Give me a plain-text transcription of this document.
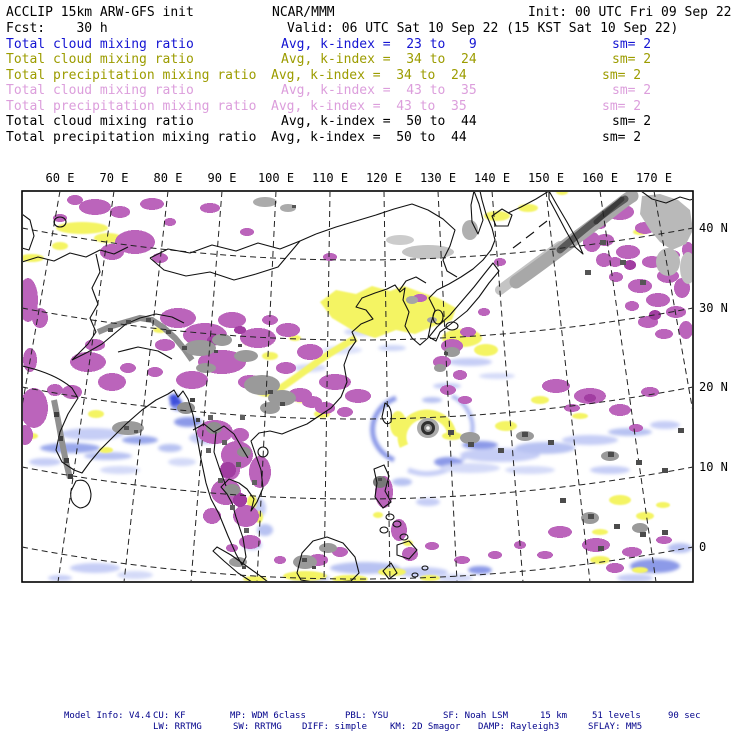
ACCLIP 15km ARW-GFS init	NCAR/MMM	Init: 00 UTC Fri 09 Sep 22
Fcst:    30 h	Valid: 06 UTC Sat 10 Sep 22 (15 KST Sat 10 Sep 22)
Total cloud mixing ratio	Avg, k-index =  23 to   9	sm= 2
Total cloud mixing ratio	Avg, k-index =  34 to  24	sm= 2
Total precipitation mixing ratio Avg, k-index =  34 to  24	sm= 2
Total cloud mixing ratio	Avg, k-index =  43 to  35	sm= 2
Total precipitation mixing ratio Avg, k-index =  43 to  35	sm= 2
Total cloud mixing ratio	Avg, k-index =  50 to  44	sm= 2
Total precipitation mixing ratio Avg, k-index =  50 to  44	sm= 2
60 E	70 E	80 E	90 E	100 E	110 E	120 E	130 E	140 E	150 E	160 E	170 E
40 N
30 N
20 N
10 N
0
Model Info: V4.4 CU: KF	MP: WDM 6class	PBL: YSU	SF: Noah LSM	15 km	51 levels	90 sec
LW: RRTMG	SW: RRTMG DIFF: simple	KM: 2D Smagor DAMP: Rayleigh3	SFLAY: MM5
